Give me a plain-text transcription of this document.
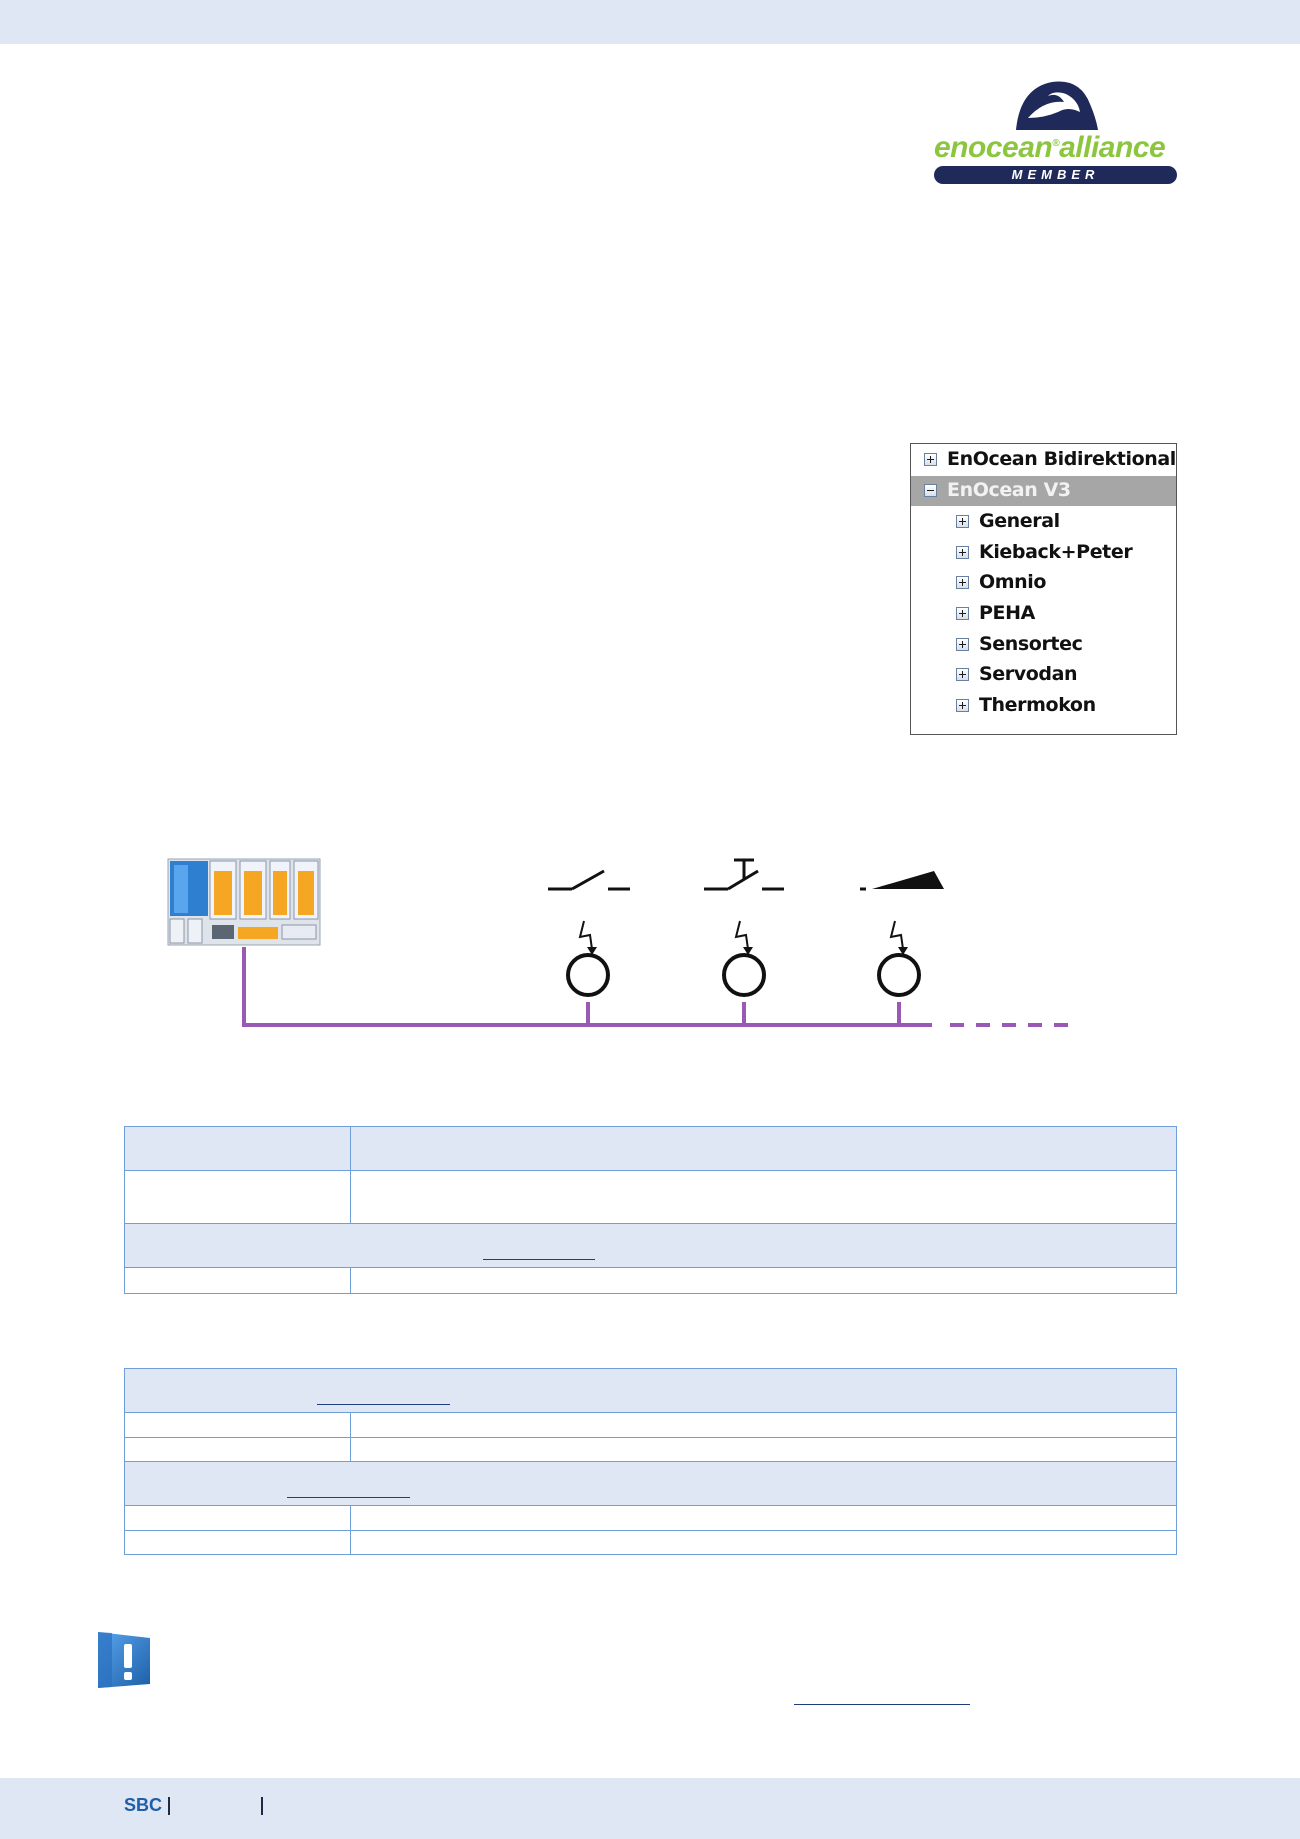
enocean®alliance
MEMBER
EnOcean Bidirektional
EnOcean V3
General
Kieback+Peter
Omnio
PEHA
Sensortec
Servodan
Thermokon
SBC
